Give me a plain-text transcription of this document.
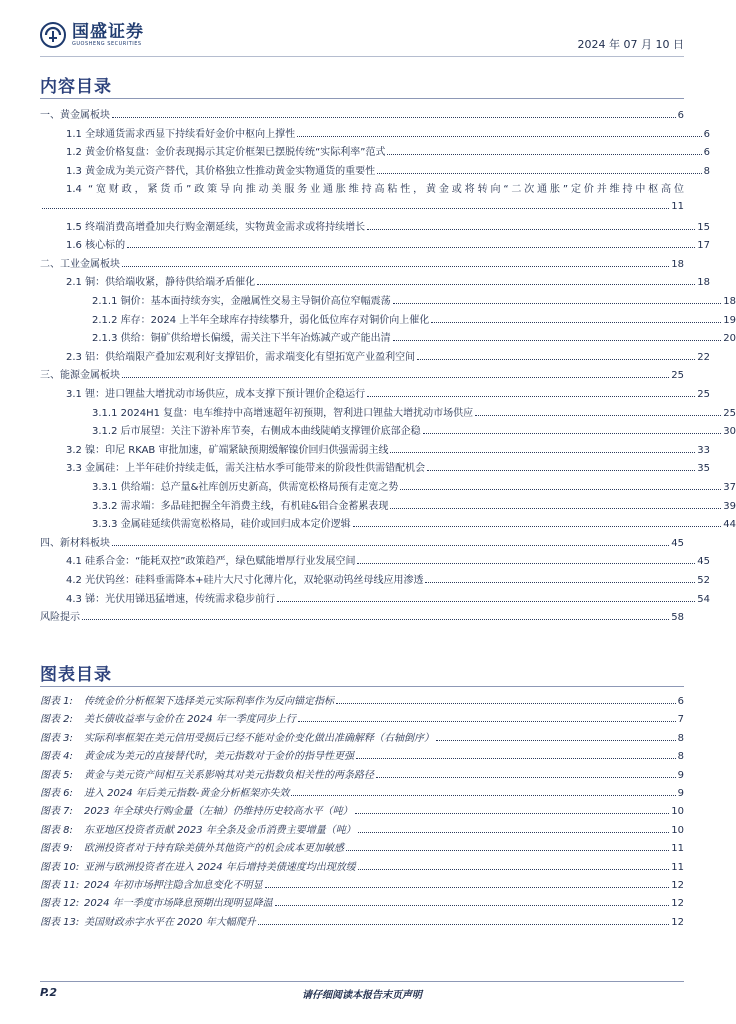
国盛证券
GUOSHENG SECURITIES	2024 年 07 月 10 日
内容目录
一、黄金属板块	6
1.1 全球通货需求西显下持续看好金价中枢向上撑性	6
1.2 黄金价格复盘：金价表现揭示其定价框架已摆脱传统“实际利率”范式	6
1.3 黄金成为美元资产替代，其价格独立性推动黄金实物通货的重要性	8
1.4 “宽财政，紧货币”政策导向推动美服务业通胀维持高粘性，黄金或将转向“二次通胀”定价并维持中枢高位
11
1.5 终端消费高增叠加央行购金潮延续，实物黄金需求或将持续增长	15
1.6 核心标的	17
二、工业金属板块	18
2.1 铜：供给端收紧，静待供给端矛盾催化	18
2.1.1 铜价：基本面持续夯实，金融属性交易主导铜价高位窄幅震荡	18
2.1.2 库存：2024 上半年全球库存持续攀升，弱化低位库存对铜价向上催化	19
2.1.3 供给：铜矿供给增长偏缓，需关注下半年冶炼减产或产能出清	20
2.3 铝：供给端限产叠加宏观利好支撑铝价，需求端变化有望拓宽产业盈利空间	22
三、能源金属板块	25
3.1 锂：进口锂盐大增扰动市场供应，成本支撑下预计锂价企稳运行	25
3.1.1 2024H1 复盘：电车维持中高增速超年初预期，智利进口锂盐大增扰动市场供应	25
3.1.2 后市展望：关注下游补库节奏，右侧成本曲线陡峭支撑锂价底部企稳	30
3.2 镍：印尼 RKAB 审批加速，矿端紧缺预期缓解镍价回归供强需弱主线	33
3.3 金属硅：上半年硅价持续走低，需关注枯水季可能带来的阶段性供需错配机会	35
3.3.1 供给端：总产量&社库创历史新高，供需宽松格局预有走宽之势	37
3.3.2 需求端：多晶硅把握全年消费主线，有机硅&铝合金蓄累表现	39
3.3.3 金属硅延续供需宽松格局，硅价或回归成本定价逻辑	44
四、新材料板块	45
4.1 硅系合金：“能耗双控”政策趋严，绿色赋能增厚行业发展空间	45
4.2 光伏钨丝：硅料垂需降本+硅片大尺寸化薄片化，双轮驱动钨丝母线应用渗透	52
4.3 锑：光伏用锑迅猛增速，传统需求稳步前行	54
风险提示	58
图表目录
图表 1:	传统金价分析框架下选择美元实际利率作为反向锚定指标	6
图表 2:	美长债收益率与金价在 2024 年一季度同步上行	7
图表 3:	实际利率框架在美元信用受损后已经不能对金价变化做出准确解释（右轴倒序）	8
图表 4:	黄金成为美元的直接替代时，美元指数对于金价的指导性更强	8
图表 5:	黄金与美元资产间相互关系影响其对美元指数负相关性的两条路径	9
图表 6:	进入 2024 年后美元指数-黄金分析框架亦失效	9
图表 7:	2023 年全球央行购金量（左轴）仍维持历史较高水平（吨）	10
图表 8:	东亚地区投资者贡献 2023 年全条及金币消费主要增量（吨）	10
图表 9:	欧洲投资者对于持有除美债外其他资产的机会成本更加敏感	11
图表 10: 亚洲与欧洲投资者在进入 2024 年后增持美债速度均出现放缓	11
图表 11: 2024 年初市场押注隐含加息变化不明显	12
图表 12: 2024 年一季度市场降息预期出现明显降温	12
图表 13: 美国财政赤字水平在 2020 年大幅爬升	12
请仔细阅读本报告末页声明
P.2
